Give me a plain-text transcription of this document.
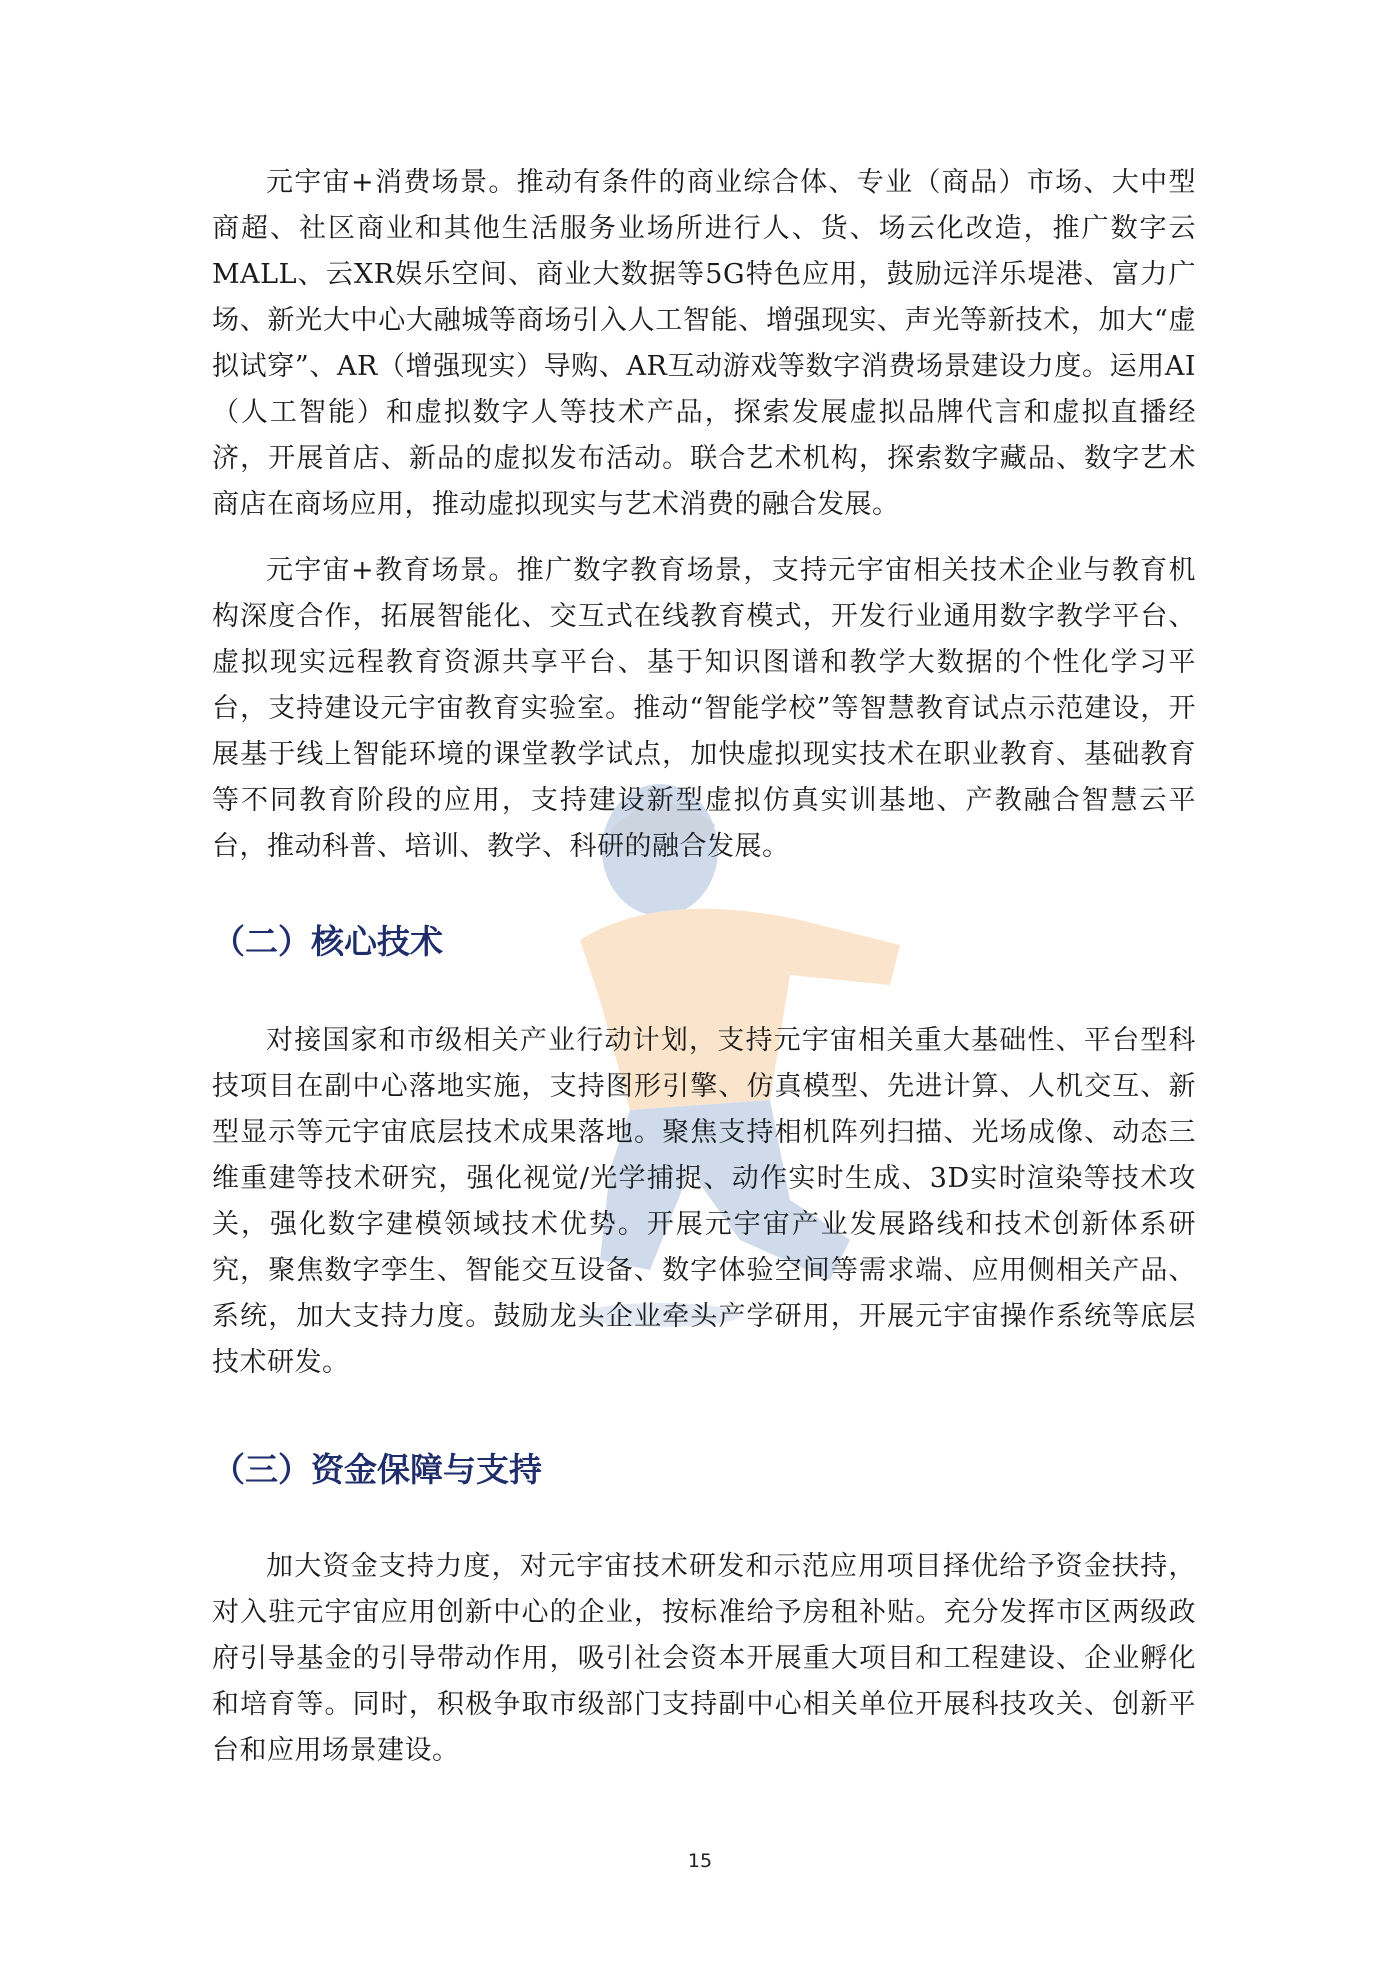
元宇宙+消费场景。推动有条件的商业综合体、专业（商品）市场、大中型商超、社区商业和其他生活服务业场所进行人、货、场云化改造，推广数字云MALL、云XR娱乐空间、商业大数据等5G特色应用，鼓励远洋乐堤港、富力广场、新光大中心大融城等商场引入人工智能、增强现实、声光等新技术，加大“虚拟试穿”、AR（增强现实）导购、AR互动游戏等数字消费场景建设力度。运用AI（人工智能）和虚拟数字人等技术产品，探索发展虚拟品牌代言和虚拟直播经济，开展首店、新品的虚拟发布活动。联合艺术机构，探索数字藏品、数字艺术商店在商场应用，推动虚拟现实与艺术消费的融合发展。

元宇宙+教育场景。推广数字教育场景，支持元宇宙相关技术企业与教育机构深度合作，拓展智能化、交互式在线教育模式，开发行业通用数字教学平台、虚拟现实远程教育资源共享平台、基于知识图谱和教学大数据的个性化学习平台，支持建设元宇宙教育实验室。推动“智能学校”等智慧教育试点示范建设，开展基于线上智能环境的课堂教学试点，加快虚拟现实技术在职业教育、基础教育等不同教育阶段的应用，支持建设新型虚拟仿真实训基地、产教融合智慧云平台，推动科普、培训、教学、科研的融合发展。

（二）核心技术

对接国家和市级相关产业行动计划，支持元宇宙相关重大基础性、平台型科技项目在副中心落地实施，支持图形引擎、仿真模型、先进计算、人机交互、新型显示等元宇宙底层技术成果落地。聚焦支持相机阵列扫描、光场成像、动态三维重建等技术研究，强化视觉/光学捕捉、动作实时生成、3D实时渲染等技术攻关，强化数字建模领域技术优势。开展元宇宙产业发展路线和技术创新体系研究，聚焦数字孪生、智能交互设备、数字体验空间等需求端、应用侧相关产品、系统，加大支持力度。鼓励龙头企业牵头产学研用，开展元宇宙操作系统等底层技术研发。

（三）资金保障与支持

加大资金支持力度，对元宇宙技术研发和示范应用项目择优给予资金扶持，对入驻元宇宙应用创新中心的企业，按标准给予房租补贴。充分发挥市区两级政府引导基金的引导带动作用，吸引社会资本开展重大项目和工程建设、企业孵化和培育等。同时，积极争取市级部门支持副中心相关单位开展科技攻关、创新平台和应用场景建设。

15
